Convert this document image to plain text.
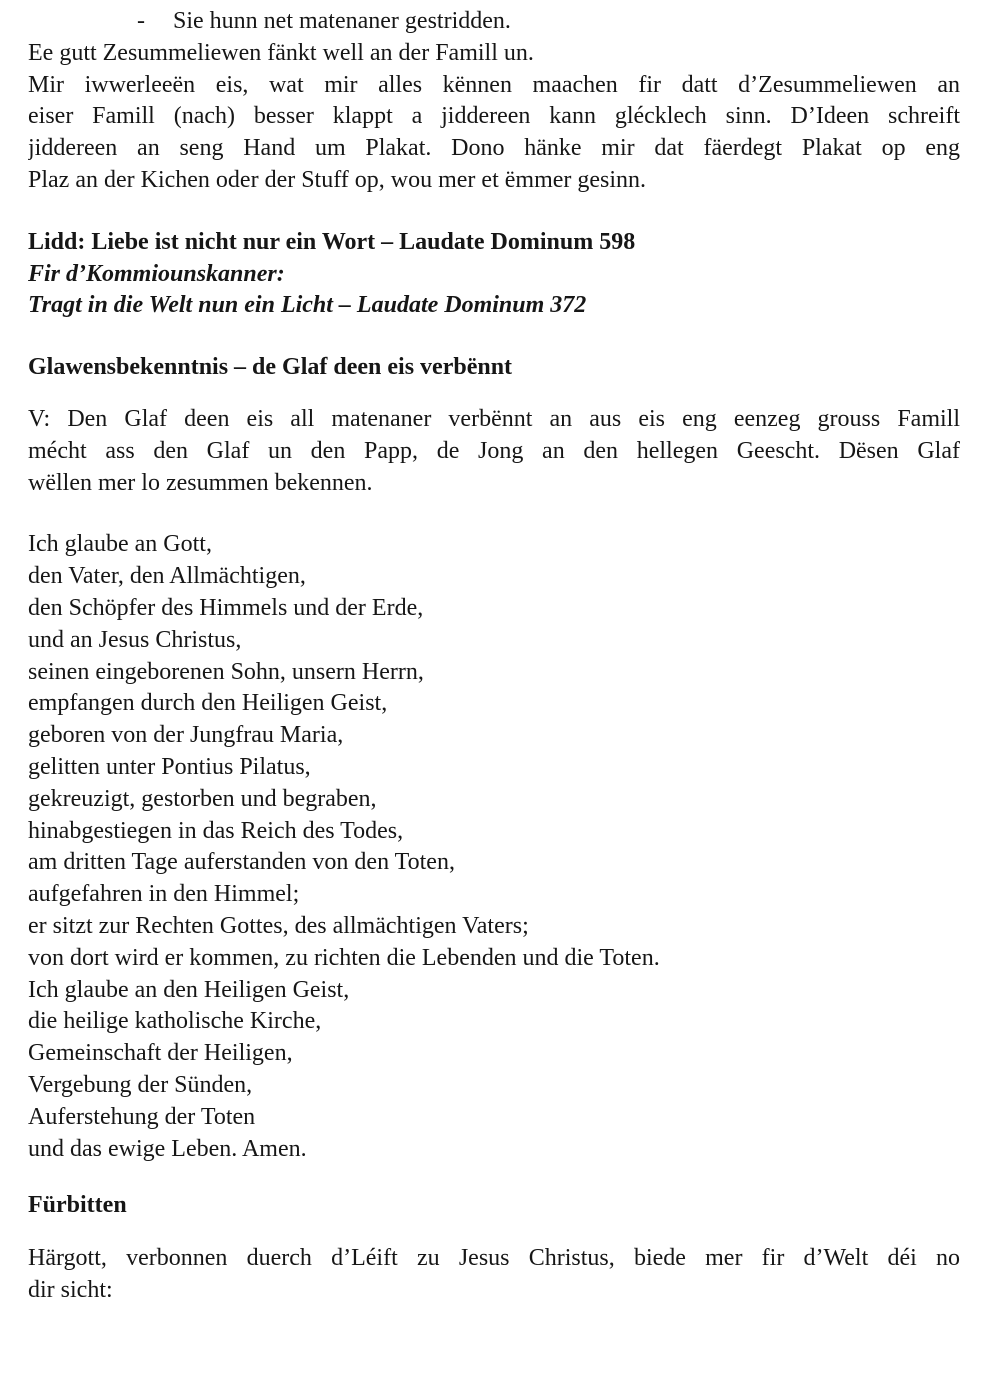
- Sie hunn net matenaner gestridden.
Ee gutt Zesummeliewen fänkt well an der Famill un.
Mir iwwerleeën eis, wat mir alles kënnen maachen fir datt d’Zesummeliewen an
eiser Famill (nach) besser klappt a jiddereen kann glécklech sinn. D’Ideen schreift
jiddereen an seng Hand um Plakat. Dono hänke mir dat fäerdegt Plakat op eng
Plaz an der Kichen oder der Stuff op, wou mer et ëmmer gesinn.
Lidd: Liebe ist nicht nur ein Wort – Laudate Dominum 598
Fir d’Kommiounskanner:
Tragt in die Welt nun ein Licht – Laudate Dominum 372
Glawensbekenntnis – de Glaf deen eis verbënnt
V: Den Glaf deen eis all matenaner verbënnt an aus eis eng eenzeg grouss Famill
mécht ass den Glaf un den Papp, de Jong an den hellegen Geescht. Dësen Glaf
wëllen mer lo zesummen bekennen.
Ich glaube an Gott,
den Vater, den Allmächtigen,
den Schöpfer des Himmels und der Erde,
und an Jesus Christus,
seinen eingeborenen Sohn, unsern Herrn,
empfangen durch den Heiligen Geist,
geboren von der Jungfrau Maria,
gelitten unter Pontius Pilatus,
gekreuzigt, gestorben und begraben,
hinabgestiegen in das Reich des Todes,
am dritten Tage auferstanden von den Toten,
aufgefahren in den Himmel;
er sitzt zur Rechten Gottes, des allmächtigen Vaters;
von dort wird er kommen, zu richten die Lebenden und die Toten.
Ich glaube an den Heiligen Geist,
die heilige katholische Kirche,
Gemeinschaft der Heiligen,
Vergebung der Sünden,
Auferstehung der Toten
und das ewige Leben. Amen.
Fürbitten
Härgott, verbonnen duerch d’Léift zu Jesus Christus, biede mer fir d’Welt déi no
dir sicht:
